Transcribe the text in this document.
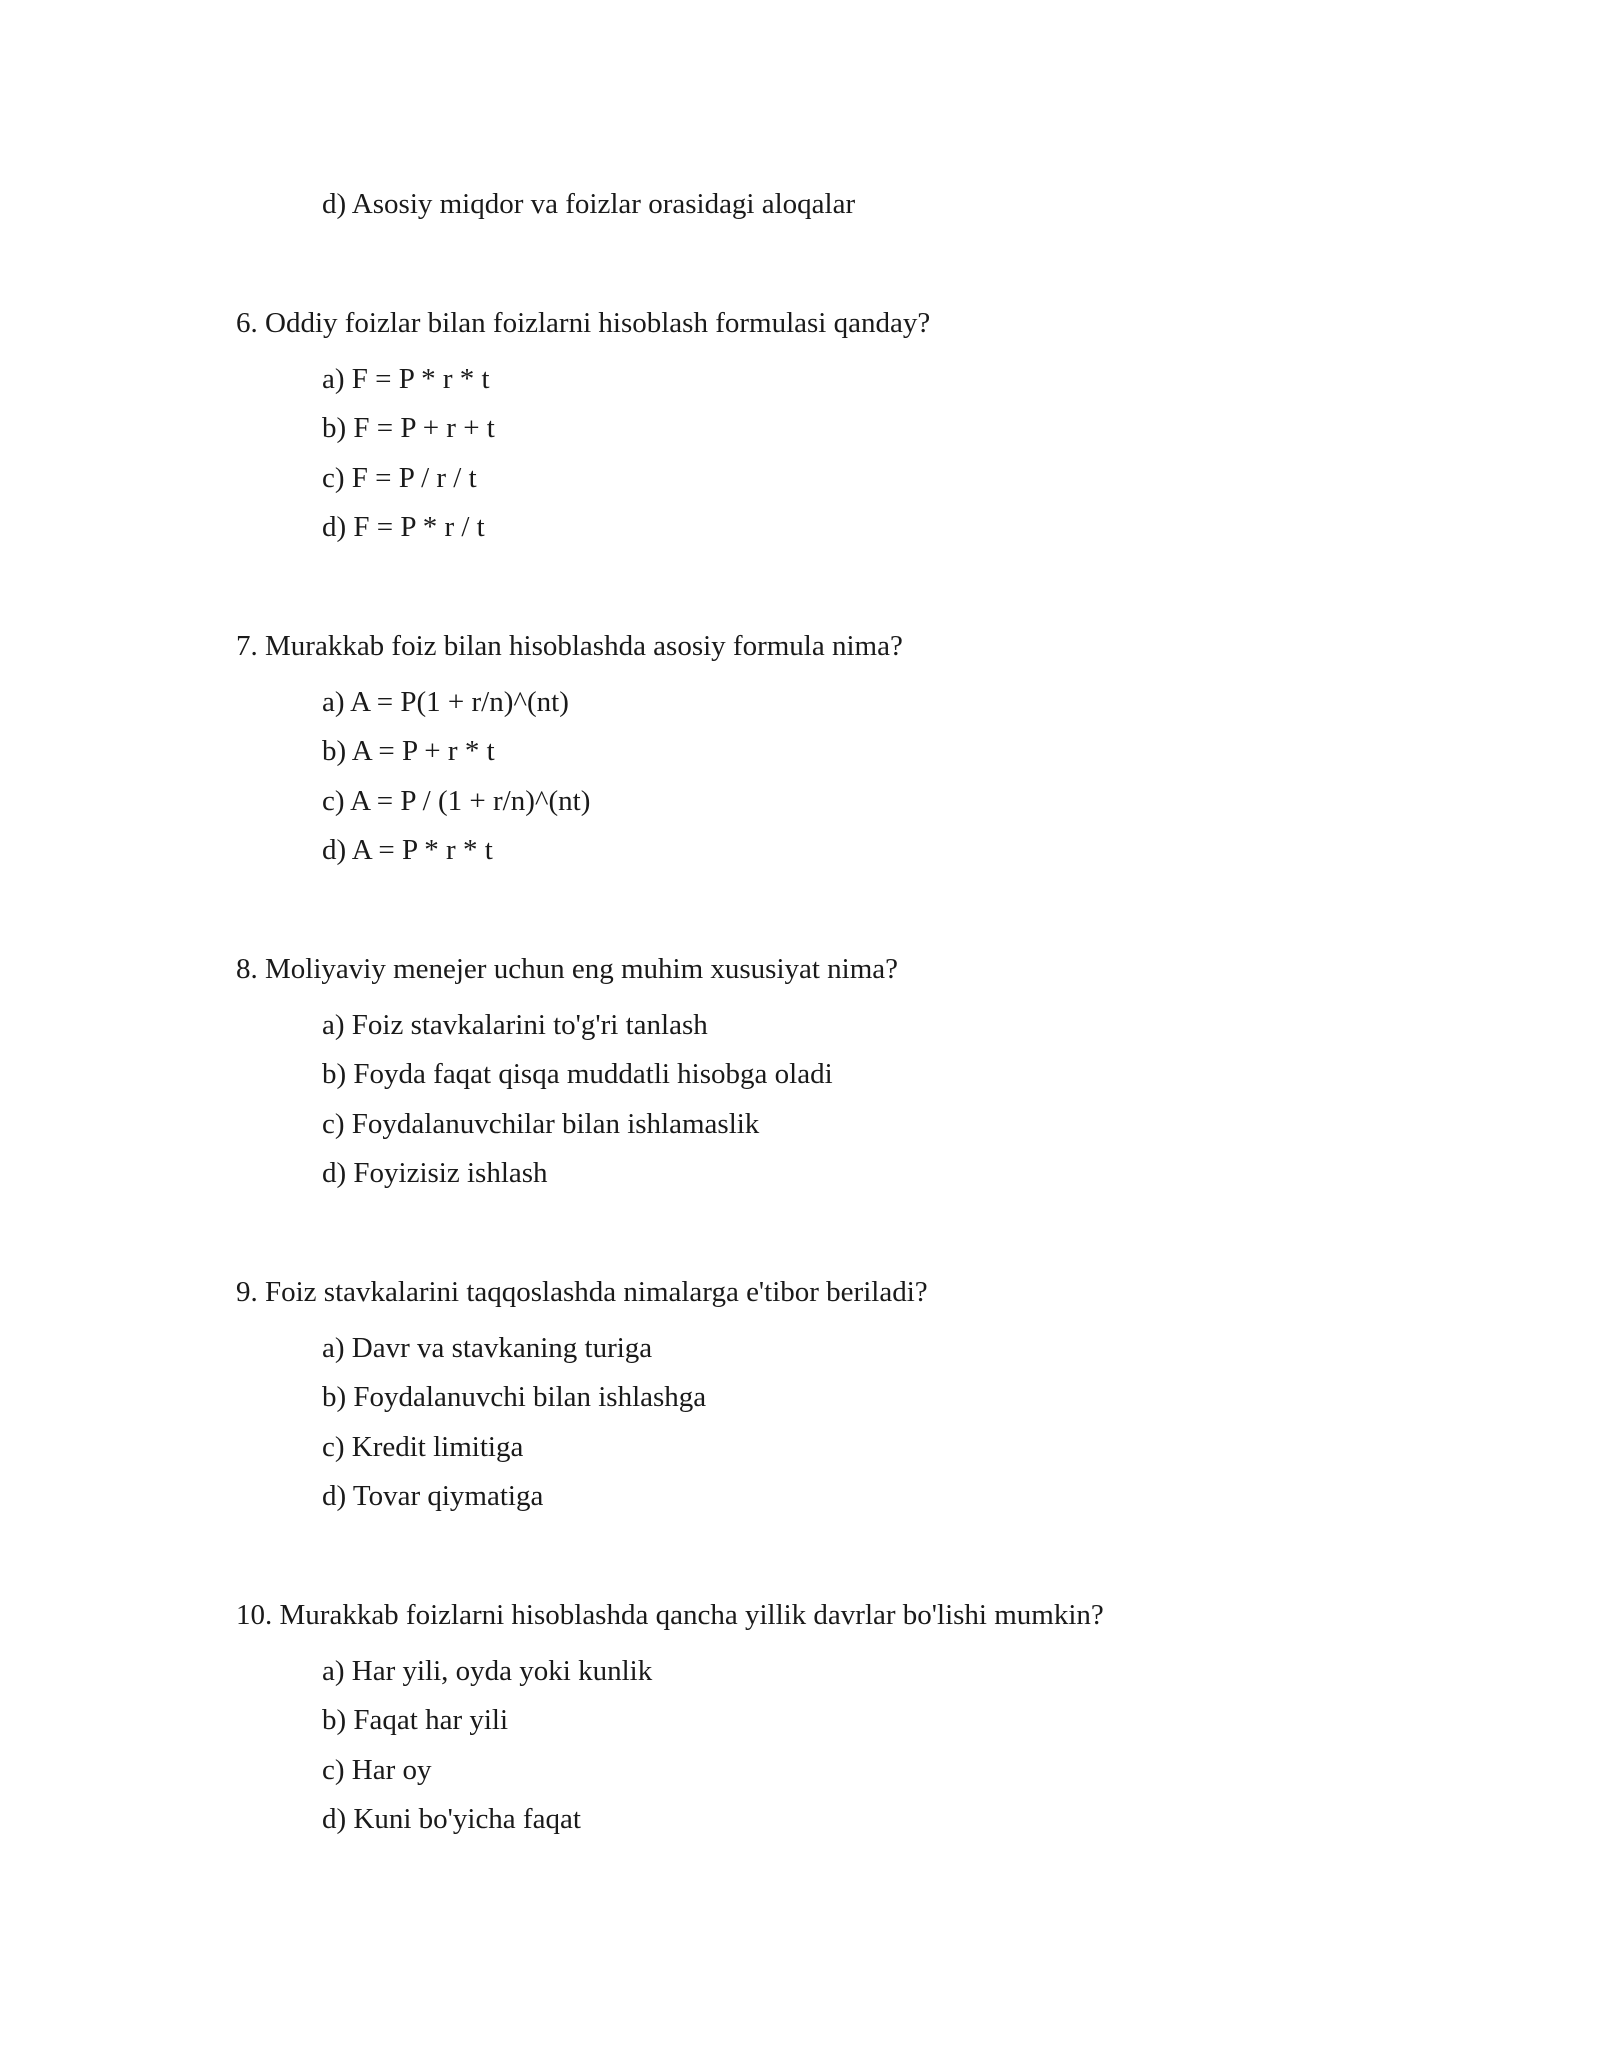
d) Asosiy miqdor va foizlar orasidagi aloqalar

6. Oddiy foizlar bilan foizlarni hisoblash formulasi qanday?

a) F = P * r * t
b) F = P + r + t
c) F = P / r / t
d) F = P * r / t

7. Murakkab foiz bilan hisoblashda asosiy formula nima?

a) A = P(1 + r/n)^(nt)
b) A = P + r * t
c) A = P / (1 + r/n)^(nt)
d) A = P * r * t

8. Moliyaviy menejer uchun eng muhim xususiyat nima?

a) Foiz stavkalarini to'g'ri tanlash
b) Foyda faqat qisqa muddatli hisobga oladi
c) Foydalanuvchilar bilan ishlamaslik
d) Foyizisiz ishlash

9. Foiz stavkalarini taqqoslashda nimalarga e'tibor beriladi?

a) Davr va stavkaning turiga
b) Foydalanuvchi bilan ishlashga
c) Kredit limitiga
d) Tovar qiymatiga

10. Murakkab foizlarni hisoblashda qancha yillik davrlar bo'lishi mumkin?

a) Har yili, oyda yoki kunlik
b) Faqat har yili
c) Har oy
d) Kuni bo'yicha faqat
